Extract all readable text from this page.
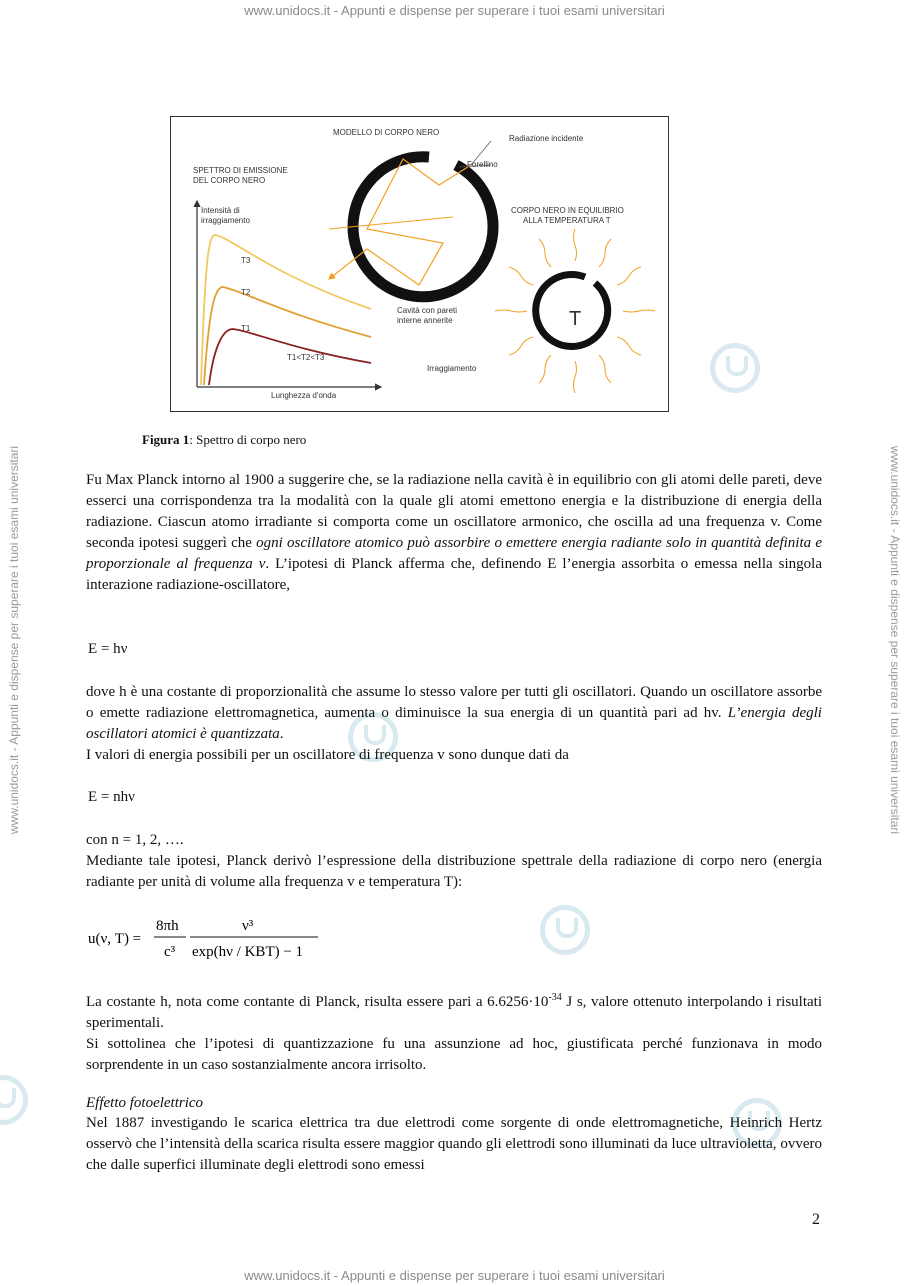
www.unidocs.it - Appunti e dispense per superare i tuoi esami universitari
www.unidocs.it - Appunti e dispense per superare i tuoi esami universitari
www.unidocs.it - Appunti e dispense per superare i tuoi esami universitari	www.unidocs.it - Appunti e dispense per superare i tuoi esami universitari
SPETTRO DI EMISSIONE
DEL CORPO NERO
Intensità di
irraggiamento
T3
T2
T1
T1<T2<T3
Lunghezza d'onda
MODELLO DI CORPO NERO
Radiazione incidente
Forellino
Cavità con pareti
interne annerite
CORPO NERO IN EQUILIBRIO
ALLA TEMPERATURA T
T
Irraggiamento
Figura 1: Spettro di corpo nero

Fu Max Planck intorno al 1900 a suggerire che, se la radiazione nella cavità è in equilibrio con gli atomi delle pareti, deve esserci una corrispondenza tra la modalità con la quale gli atomi emettono energia e la distribuzione di energia della radiazione. Ciascun atomo irradiante si comporta come un oscillatore armonico, che oscilla ad una frequenza v. Come seconda ipotesi suggerì che ogni oscillatore atomico può assorbire o emettere energia radiante solo in quantità definita e proporzionale al frequenza v. L’ipotesi di Planck afferma che, definendo E l’energia assorbita o emessa nella singola interazione radiazione-oscillatore,

E = hν

dove h è una costante di proporzionalità che assume lo stesso valore per tutti gli oscillatori. Quando un oscillatore assorbe o emette radiazione elettromagnetica, aumenta o diminuisce la sua energia di un quantità pari ad hv. L’energia degli oscillatori atomici è quantizzata.
I valori di energia possibili per un oscillatore di frequenza v sono dunque dati da

E = nhν

con n = 1, 2, ….
Mediante tale ipotesi, Planck derivò l’espressione della distribuzione spettrale della radiazione di corpo nero (energia radiante per unità di volume alla frequenza v e temperatura T):

u(ν, T) =
8πh
c³
ν³
exp(hν / KBT) − 1

La costante h, nota come contante di Planck, risulta essere pari a $6.6256\cdot 10^{-34}$ J s, valore ottenuto interpolando i risultati sperimentali.
Si sottolinea che l’ipotesi di quantizzazione fu una assunzione ad hoc, giustificata perché funzionava in modo sorprendente in un caso sostanzialmente ancora irrisolto.

Effetto fotoelettrico

Nel 1887 investigando le scarica elettrica tra due elettrodi come sorgente di onde elettromagnetiche, Heinrich Hertz osservò che l’intensità della scarica risulta essere maggior quando gli elettrodi sono illuminati da luce ultravioletta, ovvero che dalle superfici illuminate degli elettrodi sono emessi

2
